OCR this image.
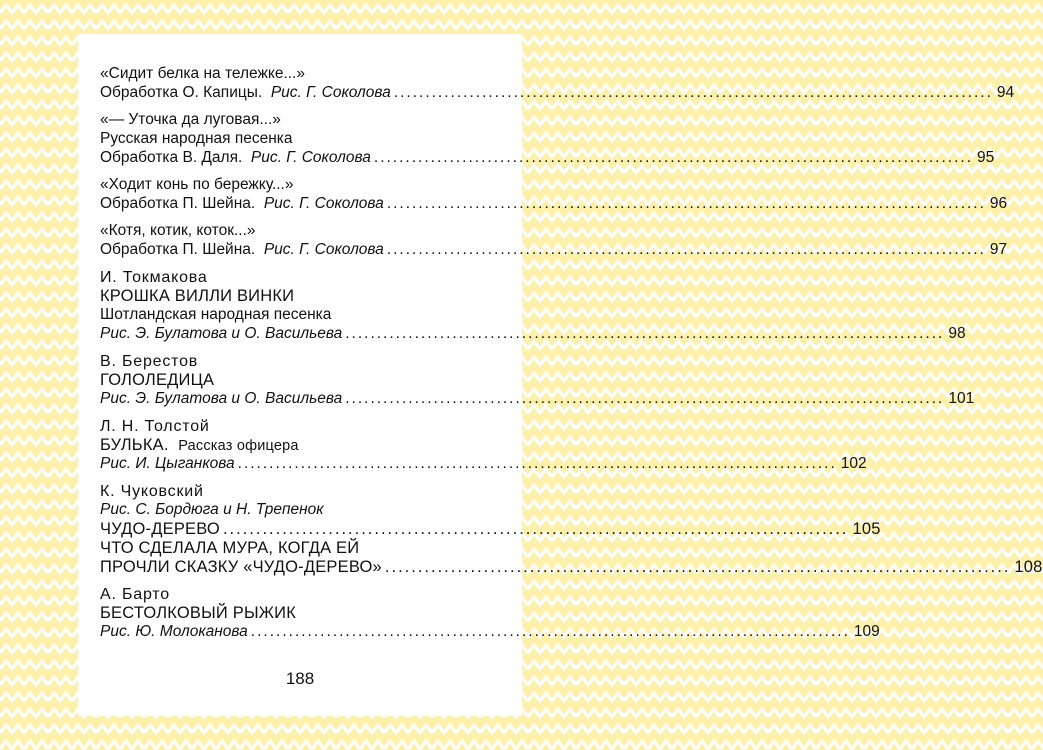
«Сидит белка на тележке...»
Обработка О. Капицы. Рис. Г. Соколова ............................................................................................... 94
«— Уточка да луговая...»
Русская народная песенка
Обработка В. Даля. Рис. Г. Соколова ............................................................................................... 95
«Ходит конь по бережку...»
Обработка П. Шейна. Рис. Г. Соколова ............................................................................................... 96
«Котя, котик, коток...»
Обработка П. Шейна. Рис. Г. Соколова ............................................................................................... 97
И. Токмакова
КРОШКА ВИЛЛИ ВИНКИ
Шотландская народная песенка
Рис. Э. Булатова и О. Васильева ............................................................................................... 98
В. Берестов
ГОЛОЛЕДИЦА
Рис. Э. Булатова и О. Васильева ............................................................................................... 101
Л. Н. Толстой
БУЛЬКА. Рассказ офицера
Рис. И. Цыганкова ............................................................................................... 102
К. Чуковский
Рис. С. Бордюга и Н. Трепенок
ЧУДО-ДЕРЕВО ............................................................................................... 105
ЧТО СДЕЛАЛА МУРА, КОГДА ЕЙ
ПРОЧЛИ СКАЗКУ «ЧУДО-ДЕРЕВО» ............................................................................................... 108
А. Барто
БЕСТОЛКОВЫЙ РЫЖИК
Рис. Ю. Молоканова ............................................................................................... 109
188
